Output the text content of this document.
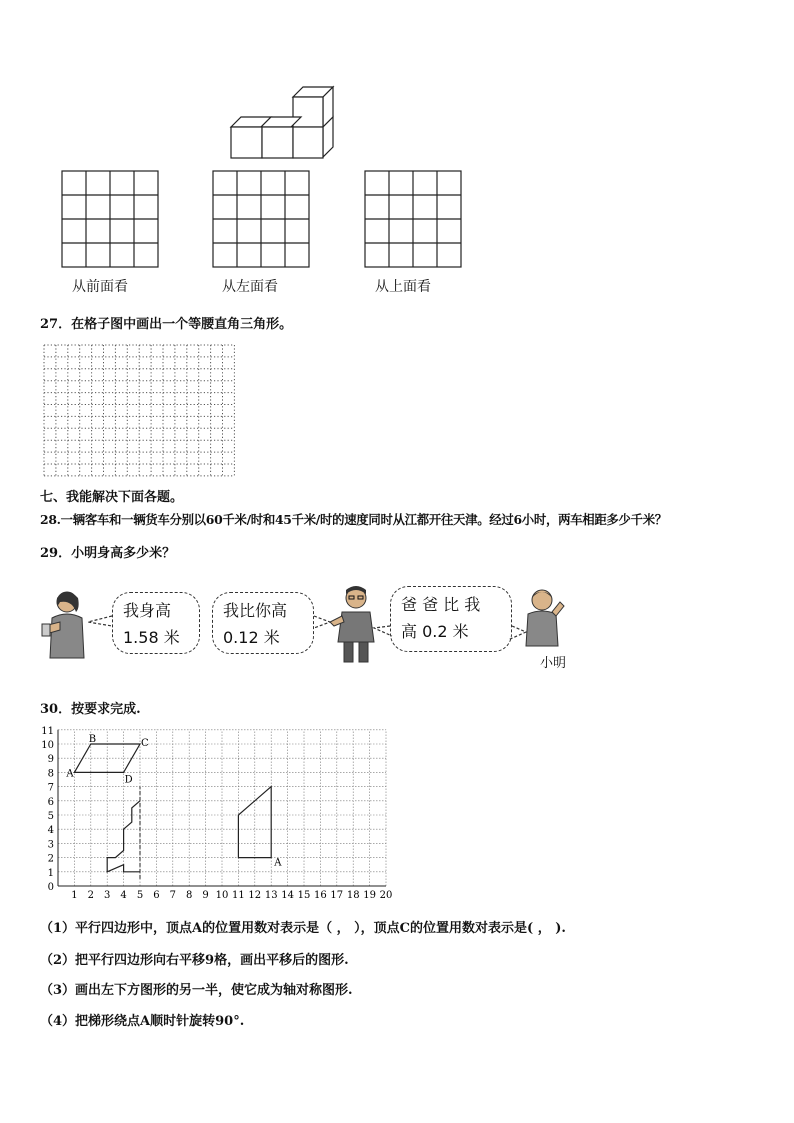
从前面看	从左面看	从上面看
27．在格子图中画出一个等腰直角三角形。
七、我能解决下面各题。
28.一辆客车和一辆货车分别以60千米/时和45千米/时的速度同时从江都开往天津。经过6小时，两车相距多少千米？
29．小明身高多少米？
我身高
1.58 米
我比你高
0.12 米
爸 爸 比 我
高 0.2 米
小明
30．按要求完成.
1 2 3 4 5 6 7 8 9 10 11 12 13 14 15 16 17 18 19 20
0
1
2
3
4
5
6
7
8
9
10
11
A
B	C
D
A
（1）平行四边形中，顶点A的位置用数对表示是（ ， ），顶点C的位置用数对表示是( ， ).
（2）把平行四边形向右平移9格，画出平移后的图形.
（3）画出左下方图形的另一半，使它成为轴对称图形.
（4）把梯形绕点A顺时针旋转90°.
